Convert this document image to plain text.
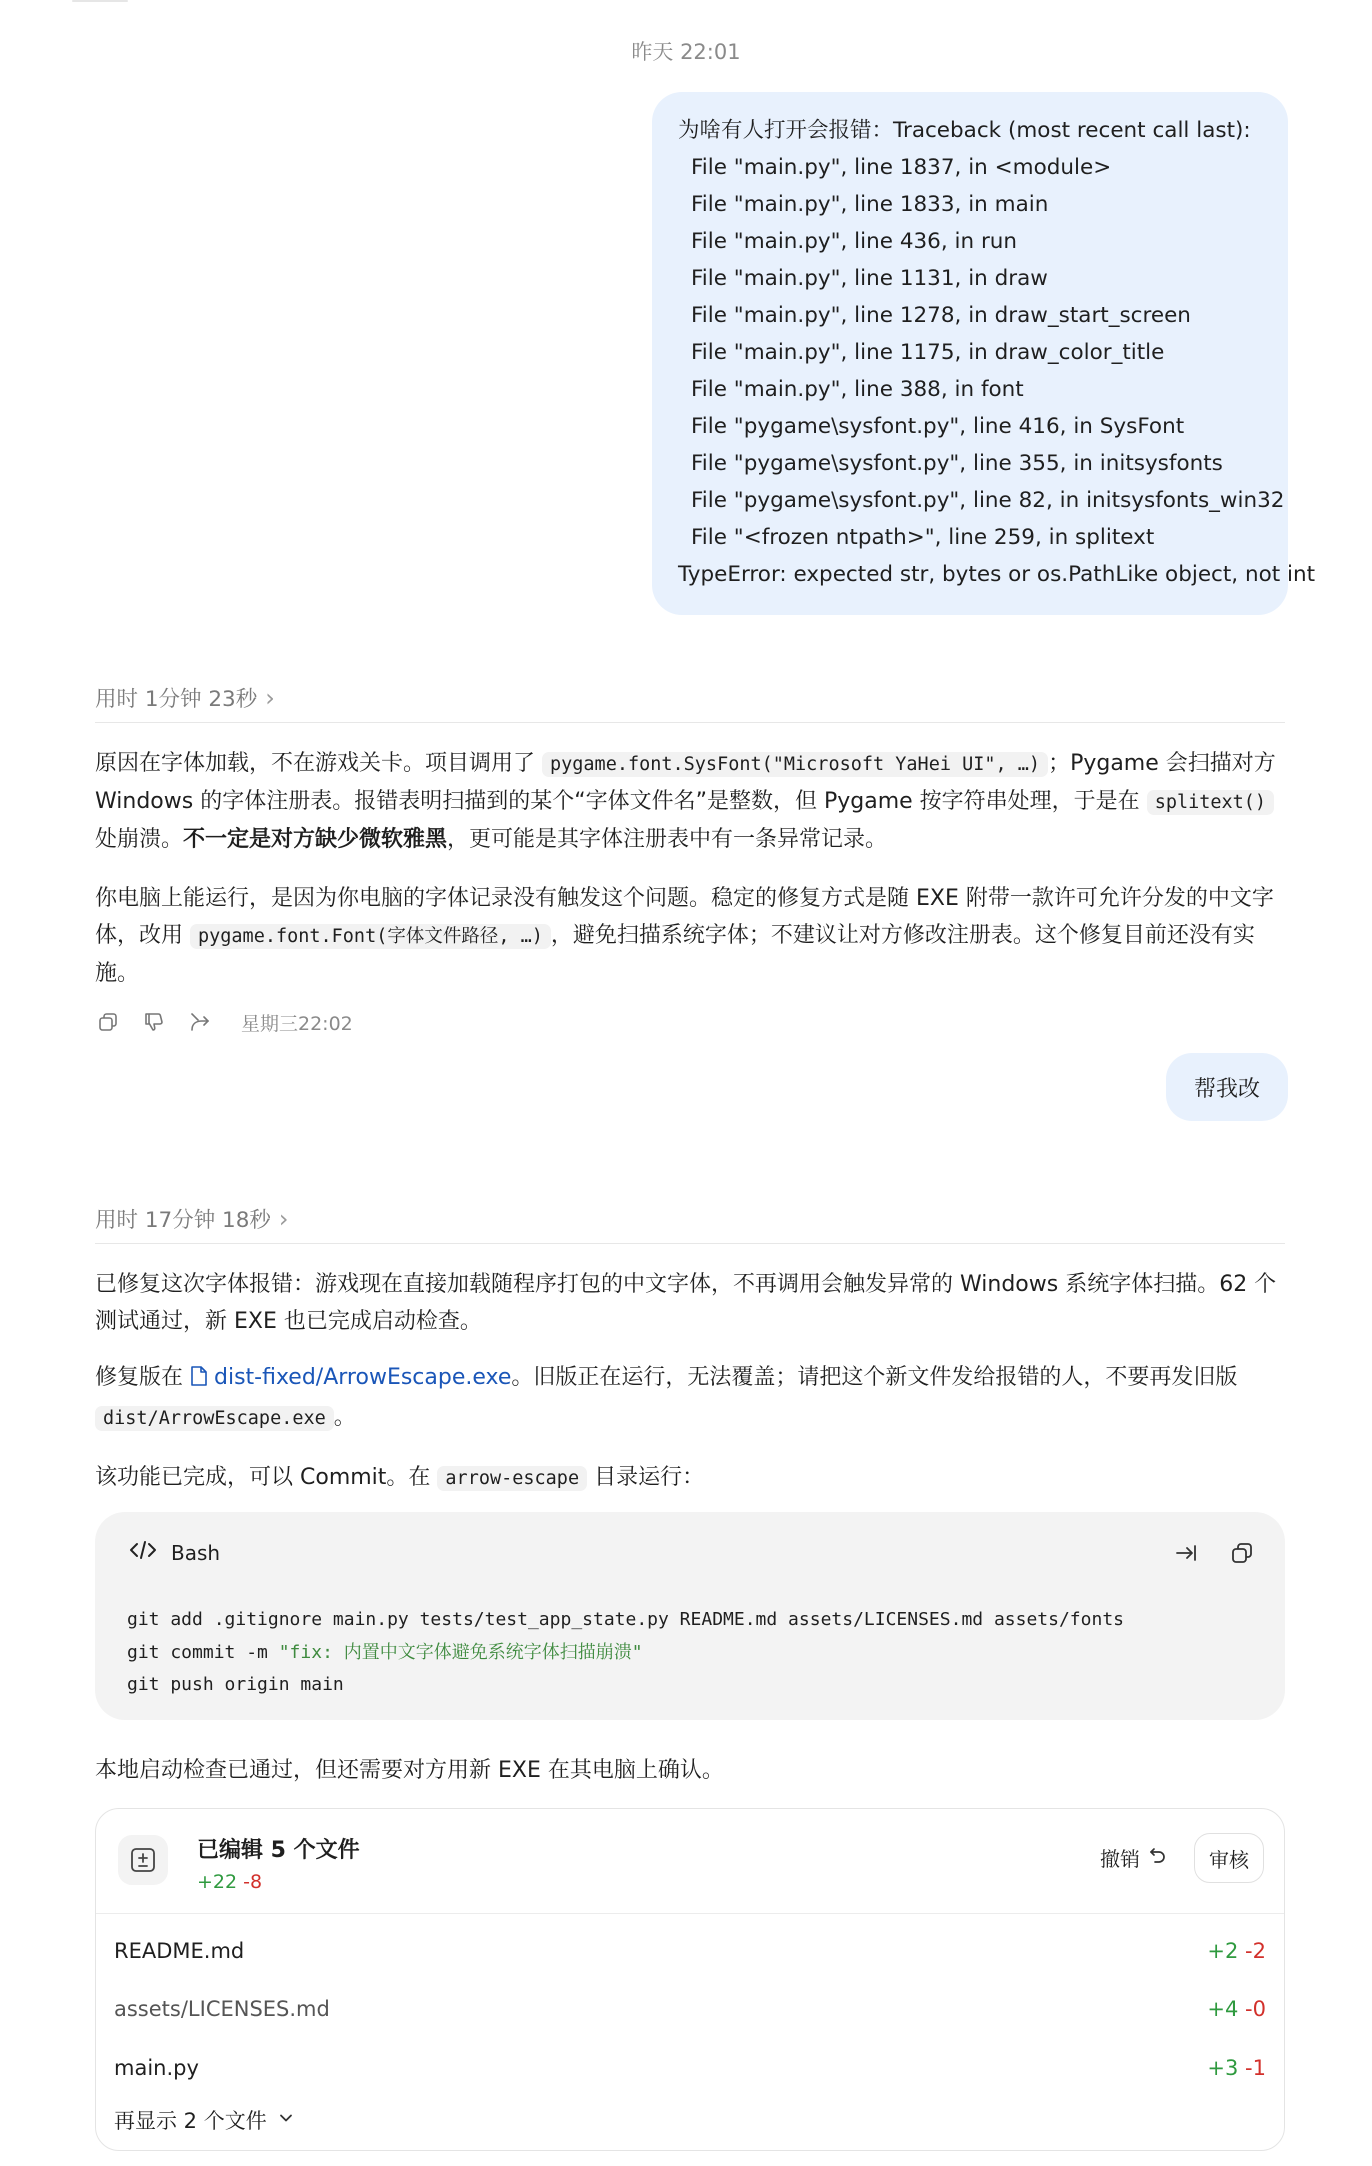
昨天 22:01
为啥有人打开会报错：Traceback (most recent call last):
File "main.py", line 1837, in <module>
File "main.py", line 1833, in main
File "main.py", line 436, in run
File "main.py", line 1131, in draw
File "main.py", line 1278, in draw_start_screen
File "main.py", line 1175, in draw_color_title
File "main.py", line 388, in font
File "pygame\sysfont.py", line 416, in SysFont
File "pygame\sysfont.py", line 355, in initsysfonts
File "pygame\sysfont.py", line 82, in initsysfonts_win32
File "<frozen ntpath>", line 259, in splitext
TypeError: expected str, bytes or os.PathLike object, not int
用时 1分钟 23秒 ›
原因在字体加载，不在游戏关卡。项目调用了 pygame.font.SysFont("Microsoft YaHei UI", …) ；Pygame 会扫描对方 Windows 的字体注册表。报错表明扫描到的某个“字体文件名”是整数，但 Pygame 按字符串处理，于是在 splitext() 处崩溃。不一定是对方缺少微软雅黑，更可能是其字体注册表中有一条异常记录。
你电脑上能运行，是因为你电脑的字体记录没有触发这个问题。稳定的修复方式是随 EXE 附带一款许可允许分发的中文字体，改用 pygame.font.Font(字体文件路径, …) ，避免扫描系统字体；不建议让对方修改注册表。这个修复目前还没有实施。
星期三22:02
帮我改
用时 17分钟 18秒 ›
已修复这次字体报错：游戏现在直接加载随程序打包的中文字体，不再调用会触发异常的 Windows 系统字体扫描。62 个测试通过，新 EXE 也已完成启动检查。
修复版在 dist-fixed/ArrowEscape.exe。旧版正在运行，无法覆盖；请把这个新文件发给报错的人，不要再发旧版 dist/ArrowEscape.exe 。
该功能已完成，可以 Commit。在 arrow-escape 目录运行：
Bash
git add .gitignore main.py tests/test_app_state.py README.md assets/LICENSES.md assets/fonts
git commit -m "fix: 内置中文字体避免系统字体扫描崩溃"
git push origin main
本地启动检查已通过，但还需要对方用新 EXE 在其电脑上确认。
已编辑 5 个文件
+22 -8
撤销	审核
README.md	+2 -2
assets/LICENSES.md	+4 -0
main.py	+3 -1
再显示 2 个文件
